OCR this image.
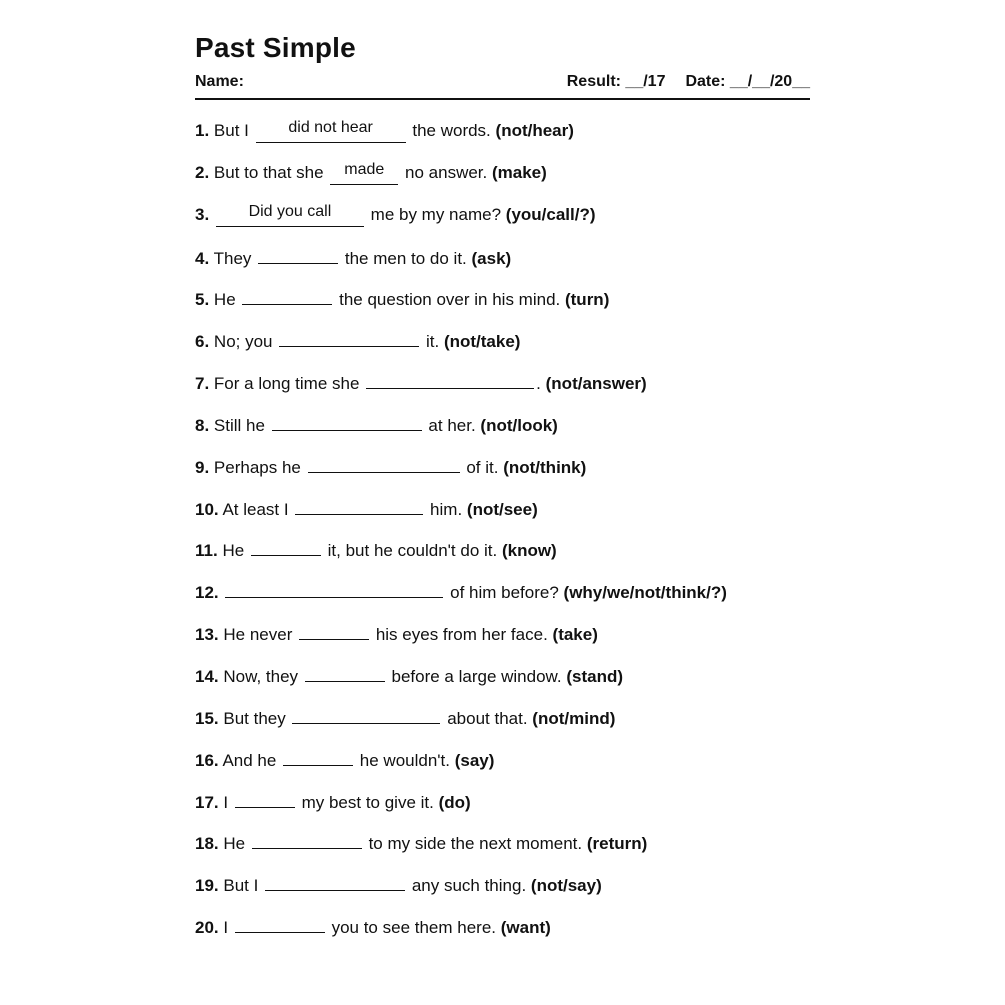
Past Simple
Name:	Result: __/17 Date: __/__/20__
1. But I did not hear the words. (not/hear)
2. But to that she made no answer. (make)
3. Did you call me by my name? (you/call/?)
4. They	the men to do it. (ask)
5. He	the question over in his mind. (turn)
6. No; you	it. (not/take)
7. For a long time she	. (not/answer)
8. Still he	at her. (not/look)
9. Perhaps he	of it. (not/think)
10. At least I	him. (not/see)
11. He	it, but he couldn't do it. (know)
12.	of him before? (why/we/not/think/?)
13. He never	his eyes from her face. (take)
14. Now, they	before a large window. (stand)
15. But they	about that. (not/mind)
16. And he	he wouldn't. (say)
17. I	my best to give it. (do)
18. He	to my side the next moment. (return)
19. But I	any such thing. (not/say)
20. I	you to see them here. (want)
